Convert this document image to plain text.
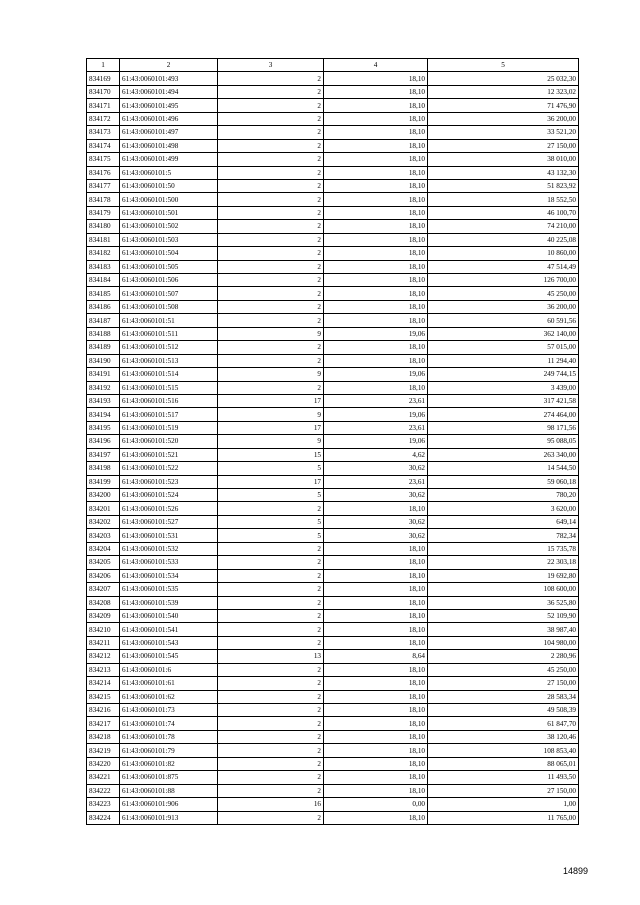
1	2	3	4	5
834169	61:43:0060101:493	2	18,10	25 032,30
834170	61:43:0060101:494	2	18,10	12 323,02
834171	61:43:0060101:495	2	18,10	71 476,90
834172	61:43:0060101:496	2	18,10	36 200,00
834173	61:43:0060101:497	2	18,10	33 521,20
834174	61:43:0060101:498	2	18,10	27 150,00
834175	61:43:0060101:499	2	18,10	38 010,00
834176	61:43:0060101:5	2	18,10	43 132,30
834177	61:43:0060101:50	2	18,10	51 823,92
834178	61:43:0060101:500	2	18,10	18 552,50
834179	61:43:0060101:501	2	18,10	46 100,70
834180	61:43:0060101:502	2	18,10	74 210,00
834181	61:43:0060101:503	2	18,10	40 225,08
834182	61:43:0060101:504	2	18,10	10 860,00
834183	61:43:0060101:505	2	18,10	47 514,49
834184	61:43:0060101:506	2	18,10	126 700,00
834185	61:43:0060101:507	2	18,10	45 250,00
834186	61:43:0060101:508	2	18,10	36 200,00
834187	61:43:0060101:51	2	18,10	60 591,56
834188	61:43:0060101:511	9	19,06	362 140,00
834189	61:43:0060101:512	2	18,10	57 015,00
834190	61:43:0060101:513	2	18,10	11 294,40
834191	61:43:0060101:514	9	19,06	249 744,15
834192	61:43:0060101:515	2	18,10	3 439,00
834193	61:43:0060101:516	17	23,61	317 421,58
834194	61:43:0060101:517	9	19,06	274 464,00
834195	61:43:0060101:519	17	23,61	98 171,56
834196	61:43:0060101:520	9	19,06	95 088,05
834197	61:43:0060101:521	15	4,62	263 340,00
834198	61:43:0060101:522	5	30,62	14 544,50
834199	61:43:0060101:523	17	23,61	59 060,18
834200	61:43:0060101:524	5	30,62	780,20
834201	61:43:0060101:526	2	18,10	3 620,00
834202	61:43:0060101:527	5	30,62	649,14
834203	61:43:0060101:531	5	30,62	782,34
834204	61:43:0060101:532	2	18,10	15 735,78
834205	61:43:0060101:533	2	18,10	22 303,18
834206	61:43:0060101:534	2	18,10	19 692,80
834207	61:43:0060101:535	2	18,10	108 600,00
834208	61:43:0060101:539	2	18,10	36 525,80
834209	61:43:0060101:540	2	18,10	52 109,90
834210	61:43:0060101:541	2	18,10	38 987,40
834211	61:43:0060101:543	2	18,10	104 980,00
834212	61:43:0060101:545	13	8,64	2 280,96
834213	61:43:0060101:6	2	18,10	45 250,00
834214	61:43:0060101:61	2	18,10	27 150,00
834215	61:43:0060101:62	2	18,10	28 583,34
834216	61:43:0060101:73	2	18,10	49 508,39
834217	61:43:0060101:74	2	18,10	61 847,70
834218	61:43:0060101:78	2	18,10	38 120,46
834219	61:43:0060101:79	2	18,10	108 853,40
834220	61:43:0060101:82	2	18,10	88 065,01
834221	61:43:0060101:875	2	18,10	11 493,50
834222	61:43:0060101:88	2	18,10	27 150,00
834223	61:43:0060101:906	16	0,00	1,00
834224	61:43:0060101:913	2	18,10	11 765,00
14899
